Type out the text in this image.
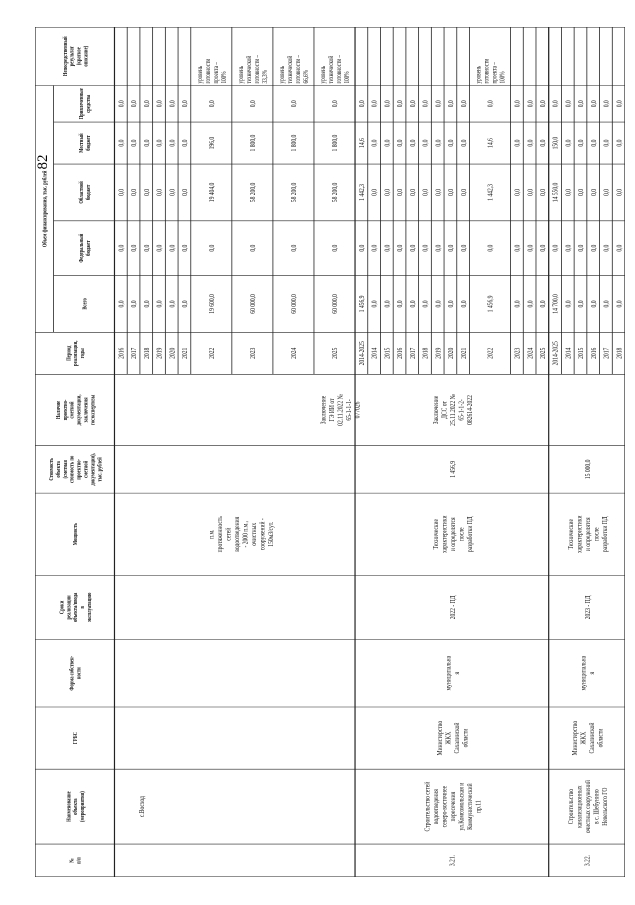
№п/п
Наименованиеобъекта(мероприятия)
ГРБС
Форма собствен-ности
Срокиреализацииобъекта/вводавэксплуатацию
Мощность
Стоимостьобъекта(сметнаястоимость попроектно-сметнойдокументации),тыс. рублей
Наличиепроектно-сметнойдокументации,заключениягосэкспертизы
Периодреализации,годы
Непосредственныйрезультат(краткоеописание)
Объем финансирования, тыс. рублей
Всего
Федеральныйбюджет
Областнойбюджет
Местныйбюджет
Привлеченныесредства
2016
0,0
0,0
0,0
0,0
0,0
2017
0,0
0,0
0,0
0,0
0,0
2018
0,0
0,0
0,0
0,0
0,0
2019
0,0
0,0
0,0
0,0
0,0
2020
0,0
0,0
0,0
0,0
0,0
2021
0,0
0,0
0,0
0,0
0,0
2022
19 600,0
0,0
19 404,0
196,0
0,0
уровеньготовностипроекта –100%
2023
60 000,0
0,0
58 200,0
1 800,0
0,0
уровеньтехническойготовности –33,3%
2024
60 000,0
0,0
58 200,0
1 800,0
0,0
уровеньтехническойготовности –66,6%
2025
60 000,0
0,0
58 200,0
1 800,0
0,0
уровеньтехническойготовности –100%
с.Восход
п.м.протяженностьсетейводоотведения- 2000 п.м.,очистныхсооружений -150м3/сут.
ЗаключениеГЭ ИИ от02.11.2022 №65-1-1-1-077026
2014-2025
1 456,9
0,0
1 442,3
14,6
0,0
2014
0,0
0,0
0,0
0,0
0,0
2015
0,0
0,0
0,0
0,0
0,0
2016
0,0
0,0
0,0
0,0
0,0
2017
0,0
0,0
0,0
0,0
0,0
2018
0,0
0,0
0,0
0,0
0,0
2019
0,0
0,0
0,0
0,0
0,0
2020
0,0
0,0
0,0
0,0
0,0
2021
0,0
0,0
0,0
0,0
0,0
2022
1 456,9
0,0
1 442,3
14,6
0,0
уровеньготовностипроекта –100%
2023
0,0
0,0
0,0
0,0
0,0
2024
0,0
0,0
0,0
0,0
0,0
2025
0,0
0,0
0,0
0,0
0,0
3.21.
Строительство сетейводоотведениясеверо-восточнеепересеченияул.Комсомольская иКоммунистическийпр.11
МинистерствоЖКХСахалинскойобласти
муниципальная
2022 - ПД
Техническиехарактеристикии определятсяпослеразработки ПД
1 456,9
ЗаключениеДСС от25.11.2022 №65-1-1-2-082614-2022
2014-2025
14 700,0
0,0
14 550,0
150,0
0,0
2014
0,0
0,0
0,0
0,0
0,0
2015
0,0
0,0
0,0
0,0
0,0
2016
0,0
0,0
0,0
0,0
0,0
2017
0,0
0,0
0,0
0,0
0,0
2018
0,0
0,0
0,0
0,0
0,0
3.22.
Строительствоканализационныхочистных сооруженийв с. ШебуниноНевельского ГО
МинистерствоЖКХСахалинскойобласти
муниципальная
2023 - ПД
Техническиехарактеристикии определятсяпослеразработки ПД
15 000,0
82
